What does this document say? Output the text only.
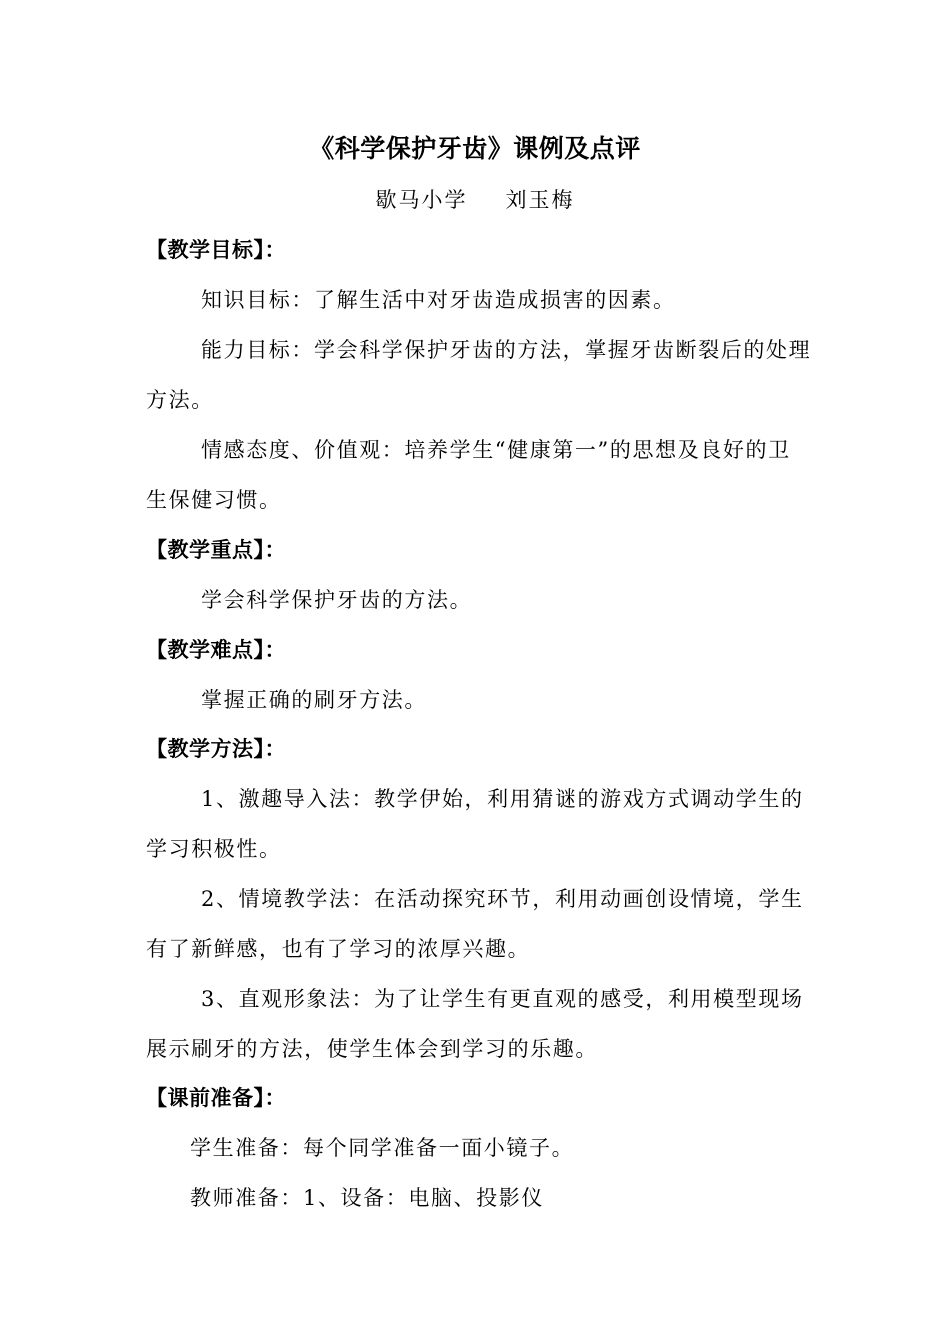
《科学保护牙齿》课例及点评
歇马小学 刘玉梅
【教学目标】：
知识目标：了解生活中对牙齿造成损害的因素。
能力目标：学会科学保护牙齿的方法，掌握牙齿断裂后的处理
方法。
情感态度、价值观：培养学生“健康第一”的思想及良好的卫
生保健习惯。
【教学重点】：
学会科学保护牙齿的方法。
【教学难点】：
掌握正确的刷牙方法。
【教学方法】：
1、激趣导入法：教学伊始，利用猜谜的游戏方式调动学生的
学习积极性。
2、情境教学法：在活动探究环节，利用动画创设情境，学生
有了新鲜感，也有了学习的浓厚兴趣。
3、直观形象法：为了让学生有更直观的感受，利用模型现场
展示刷牙的方法，使学生体会到学习的乐趣。
【课前准备】：
学生准备：每个同学准备一面小镜子。
教师准备：1、设备：电脑、投影仪
